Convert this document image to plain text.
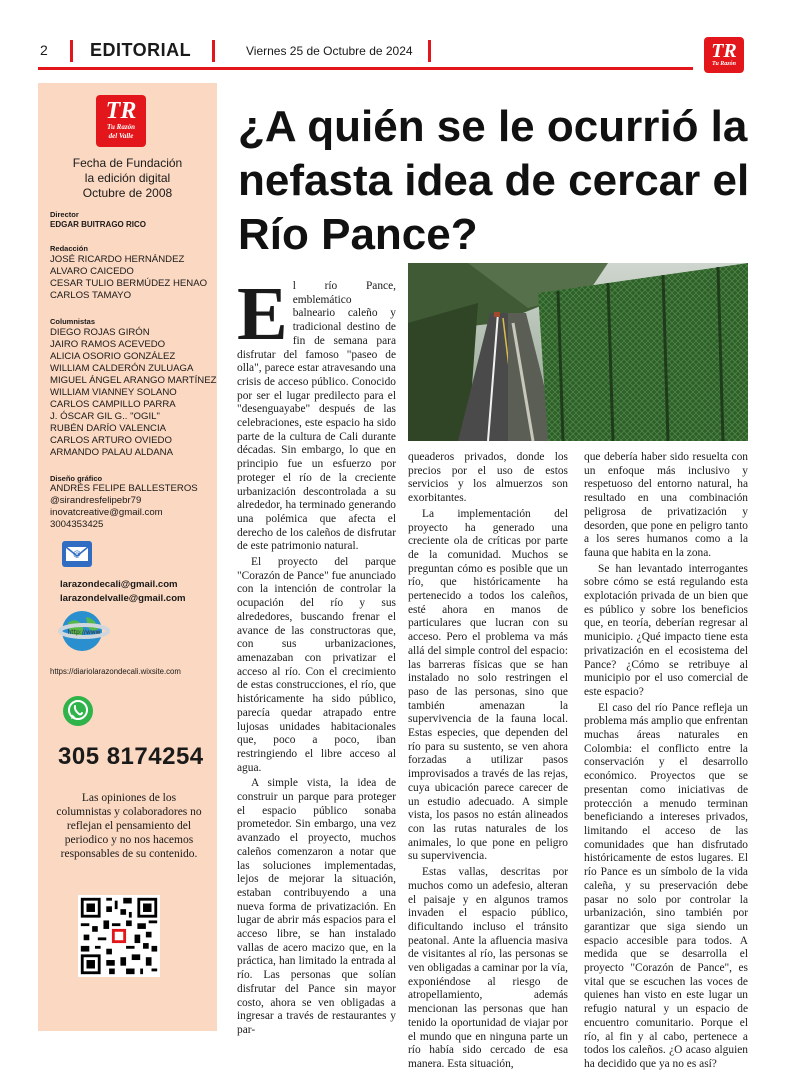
2 EDITORIAL	Viernes 25 de Octubre de 2024	TR
Tu Razón
TR
Tu Razón
del Valle
Fecha de Fundación
la edición digital
Octubre de 2008
Director
EDGAR BUITRAGO RICO
Redacción
JOSÉ RICARDO HERNÁNDEZ
ALVARO CAICEDO
CESAR TULIO BERMÚDEZ HENAO
CARLOS TAMAYO
Columnistas
DIEGO ROJAS GIRÓN
JAIRO RAMOS ACEVEDO
ALICIA OSORIO GONZÁLEZ
WILLIAM CALDERÓN ZULUAGA
MIGUEL ÁNGEL ARANGO MARTÍNEZ
WILLIAM VIANNEY SOLANO
CARLOS CAMPILLO PARRA
J. ÓSCAR GIL G.. "OGIL"
RUBÉN DARÍO VALENCIA
CARLOS ARTURO OVIEDO
ARMANDO PALAU ALDANA
Diseño gráfico
ANDRÉS FELIPE BALLESTEROS
@sirandresfelipebr79
inovatcreative@gmail.com
3004353425
@
larazondecali@gmail.com
larazondelvalle@gmail.com
http://www
https://diariolarazondecali.wixsite.com
305 8174254
Las opiniones de los columnistas y colaboradores no reflejan el pensamiento del periodico y no nos hacemos responsables de su contenido.
¿A quién se le ocurrió la nefasta idea de cercar el Río Pance?

El río Pance, emblemático balneario caleño y tradicional destino de fin de semana para disfrutar del famoso "paseo de olla", parece estar atravesando una crisis de acceso público. Conocido por ser el lugar predilecto para el "desenguayabe" después de las celebraciones, este espacio ha sido parte de la cultura de Cali durante décadas. Sin embargo, lo que en principio fue un esfuerzo por proteger el río de la creciente urbanización descontrolada a su alrededor, ha terminado generando una polémica que afecta el derecho de los caleños de disfrutar de este patrimonio natural.

El proyecto del parque "Corazón de Pance" fue anunciado con la intención de controlar la ocupación del río y sus alrededores, buscando frenar el avance de las constructoras que, con sus urbanizaciones, amenazaban con privatizar el acceso al río. Con el crecimiento de estas construcciones, el río, que históricamente ha sido público, parecía quedar atrapado entre lujosas unidades habitacionales que, poco a poco, iban restringiendo el libre acceso al agua.

A simple vista, la idea de construir un parque para proteger el espacio público sonaba prometedor. Sin embargo, una vez avanzado el proyecto, muchos caleños comenzaron a notar que las soluciones implementadas, lejos de mejorar la situación, estaban contribuyendo a una nueva forma de privatización. En lugar de abrir más espacios para el acceso libre, se han instalado vallas de acero macizo que, en la práctica, han limitado la entrada al río. Las personas que solían disfrutar del Pance sin mayor costo, ahora se ven obligadas a ingresar a través de restaurantes y par-

queaderos privados, donde los precios por el uso de estos servicios y los almuerzos son exorbitantes.

La implementación del proyecto ha generado una creciente ola de críticas por parte de la comunidad. Muchos se preguntan cómo es posible que un río, que históricamente ha pertenecido a todos los caleños, esté ahora en manos de particulares que lucran con su acceso. Pero el problema va más allá del simple control del espacio: las barreras físicas que se han instalado no solo restringen el paso de las personas, sino que también amenazan la supervivencia de la fauna local. Estas especies, que dependen del río para su sustento, se ven ahora forzadas a utilizar pasos improvisados a través de las rejas, cuya ubicación parece carecer de un estudio adecuado. A simple vista, los pasos no están alineados con las rutas naturales de los animales, lo que pone en peligro su supervivencia.

Estas vallas, descritas por muchos como un adefesio, alteran el paisaje y en algunos tramos invaden el espacio público, dificultando incluso el tránsito peatonal. Ante la afluencia masiva de visitantes al río, las personas se ven obligadas a caminar por la vía, exponiéndose al riesgo de atropellamiento, además mencionan las personas que han tenido la oportunidad de viajar por el mundo que en ninguna parte un río había sido cercado de esa manera. Esta situación,

que debería haber sido resuelta con un enfoque más inclusivo y respetuoso del entorno natural, ha resultado en una combinación peligrosa de privatización y desorden, que pone en peligro tanto a los seres humanos como a la fauna que habita en la zona.

Se han levantado interrogantes sobre cómo se está regulando esta explotación privada de un bien que es público y sobre los beneficios que, en teoría, deberían regresar al municipio. ¿Qué impacto tiene esta privatización en el ecosistema del Pance? ¿Cómo se retribuye al municipio por el uso comercial de este espacio?

El caso del río Pance refleja un problema más amplio que enfrentan muchas áreas naturales en Colombia: el conflicto entre la conservación y el desarrollo económico. Proyectos que se presentan como iniciativas de protección a menudo terminan beneficiando a intereses privados, limitando el acceso de las comunidades que han disfrutado históricamente de estos lugares. El río Pance es un símbolo de la vida caleña, y su preservación debe pasar no solo por controlar la urbanización, sino también por garantizar que siga siendo un espacio accesible para todos. A medida que se desarrolla el proyecto "Corazón de Pance", es vital que se escuchen las voces de quienes han visto en este lugar un refugio natural y un espacio de encuentro comunitario. Porque el río, al fin y al cabo, pertenece a todos los caleños. ¿O acaso alguien ha decidido que ya no es así?
